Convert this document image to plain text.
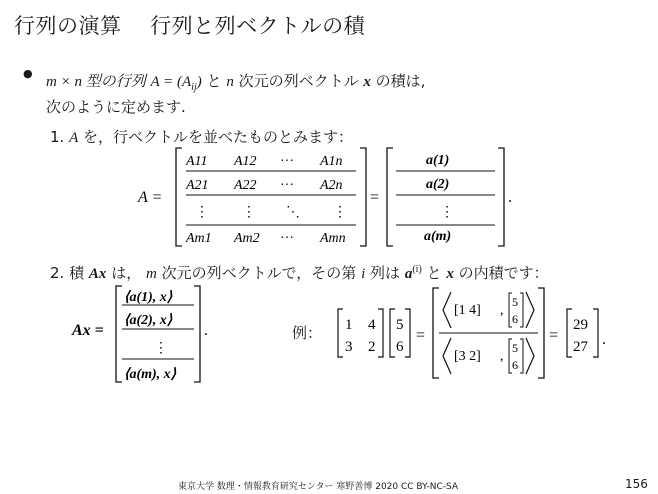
行列の演算　 行列と列ベクトルの積
●
m × n 型の行列 $A = (A_{ij})$ と n 次元の列ベクトル x の積は,
次のように定めます.
1. A を，行ベクトルを並べたものとみます：
A =
A11 A12 ··· A1n
A21 A22 ··· A2n
⋮ ⋮ ⋱ ⋮
Am1 Am2 ··· Amn
=
a(1)
a(2)
⋮
a(m)
.
2. 積 Ax は， m 次元の列ベクトルで，その第 i 列は $a^{(i)}$ と x の内積です：
Ax =
⟨a(1), x⟩
⟨a(2), x⟩
⋮
⟨a(m), x⟩
.	例： 1 4
3 2
5
6
=
[1 4] ,
5
6
[3 2] ,
5
6
=
29
27 .
東京大学 数理・情報教育研究センター 寒野善博 2020 CC BY-NC-SA	156
